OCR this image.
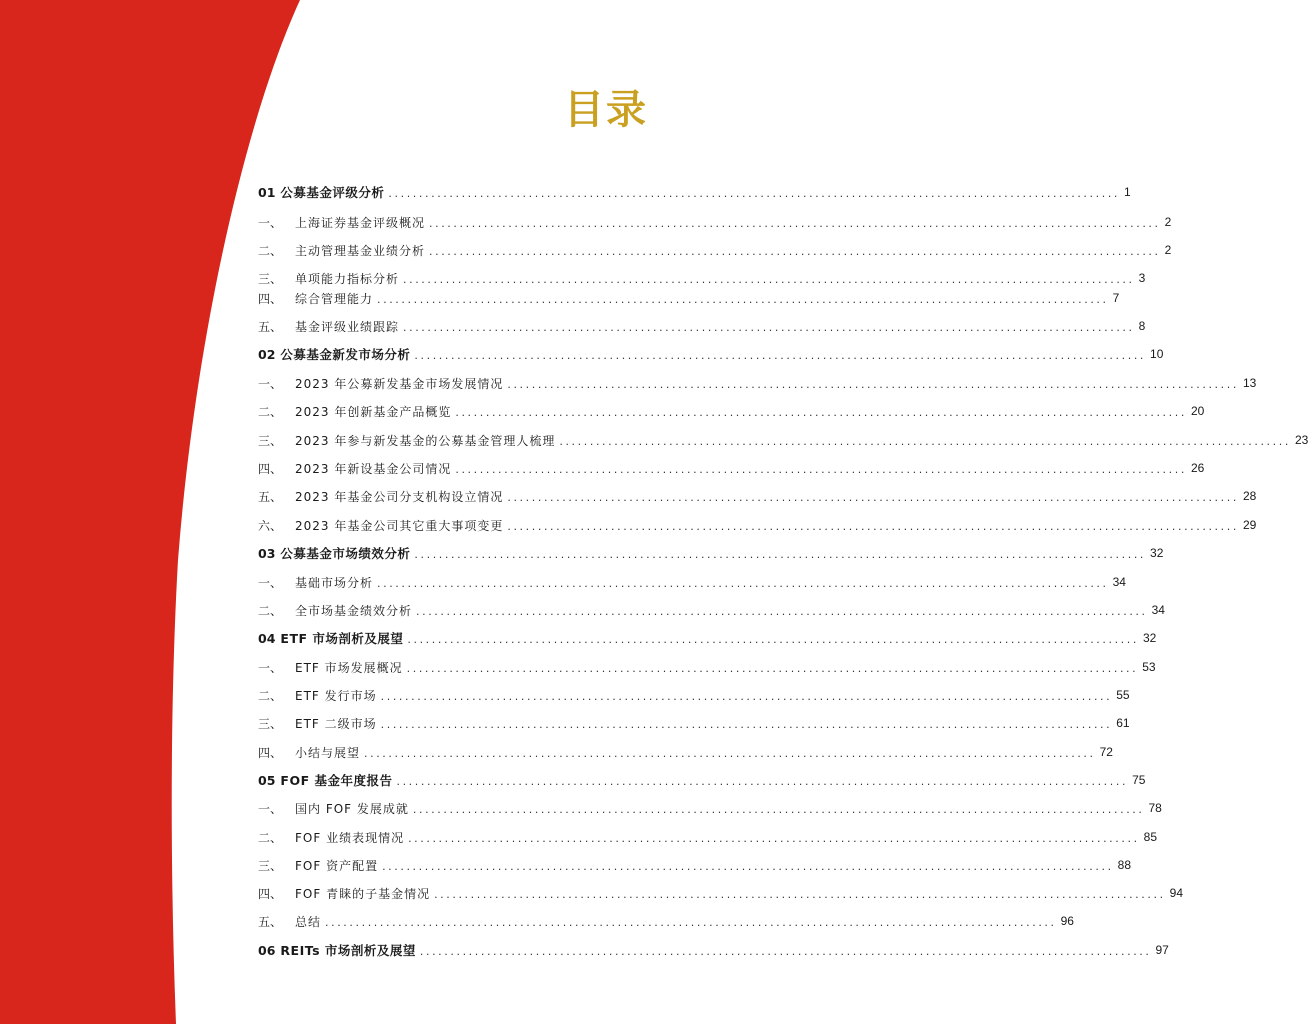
目录
01 公募基金评级分析 ........................................................................................................................ 1
一、	上海证券基金评级概况 ........................................................................................................................ 2
二、	主动管理基金业绩分析 ........................................................................................................................ 2
三、	单项能力指标分析 ........................................................................................................................ 3
四、	综合管理能力 ........................................................................................................................ 7
五、	基金评级业绩跟踪 ........................................................................................................................ 8
02 公募基金新发市场分析 ........................................................................................................................ 10
一、	2023 年公募新发基金市场发展情况 ........................................................................................................................ 13
二、	2023 年创新基金产品概览 ........................................................................................................................ 20
三、	2023 年参与新发基金的公募基金管理人梳理 ........................................................................................................................ 23
四、	2023 年新设基金公司情况 ........................................................................................................................ 26
五、	2023 年基金公司分支机构设立情况 ........................................................................................................................ 28
六、	2023 年基金公司其它重大事项变更 ........................................................................................................................ 29
03 公募基金市场绩效分析 ........................................................................................................................ 32
一、	基础市场分析 ........................................................................................................................ 34
二、	全市场基金绩效分析 ........................................................................................................................ 34
04 ETF 市场剖析及展望 ........................................................................................................................ 32
一、	ETF 市场发展概况 ........................................................................................................................ 53
二、	ETF 发行市场 ........................................................................................................................ 55
三、	ETF 二级市场 ........................................................................................................................ 61
四、	小结与展望 ........................................................................................................................ 72
05 FOF 基金年度报告 ........................................................................................................................ 75
一、	国内 FOF 发展成就 ........................................................................................................................ 78
二、	FOF 业绩表现情况 ........................................................................................................................ 85
三、	FOF 资产配置 ........................................................................................................................ 88
四、	FOF 青睐的子基金情况 ........................................................................................................................ 94
五、	总结 ........................................................................................................................ 96
06 REITs 市场剖析及展望 ........................................................................................................................ 97
